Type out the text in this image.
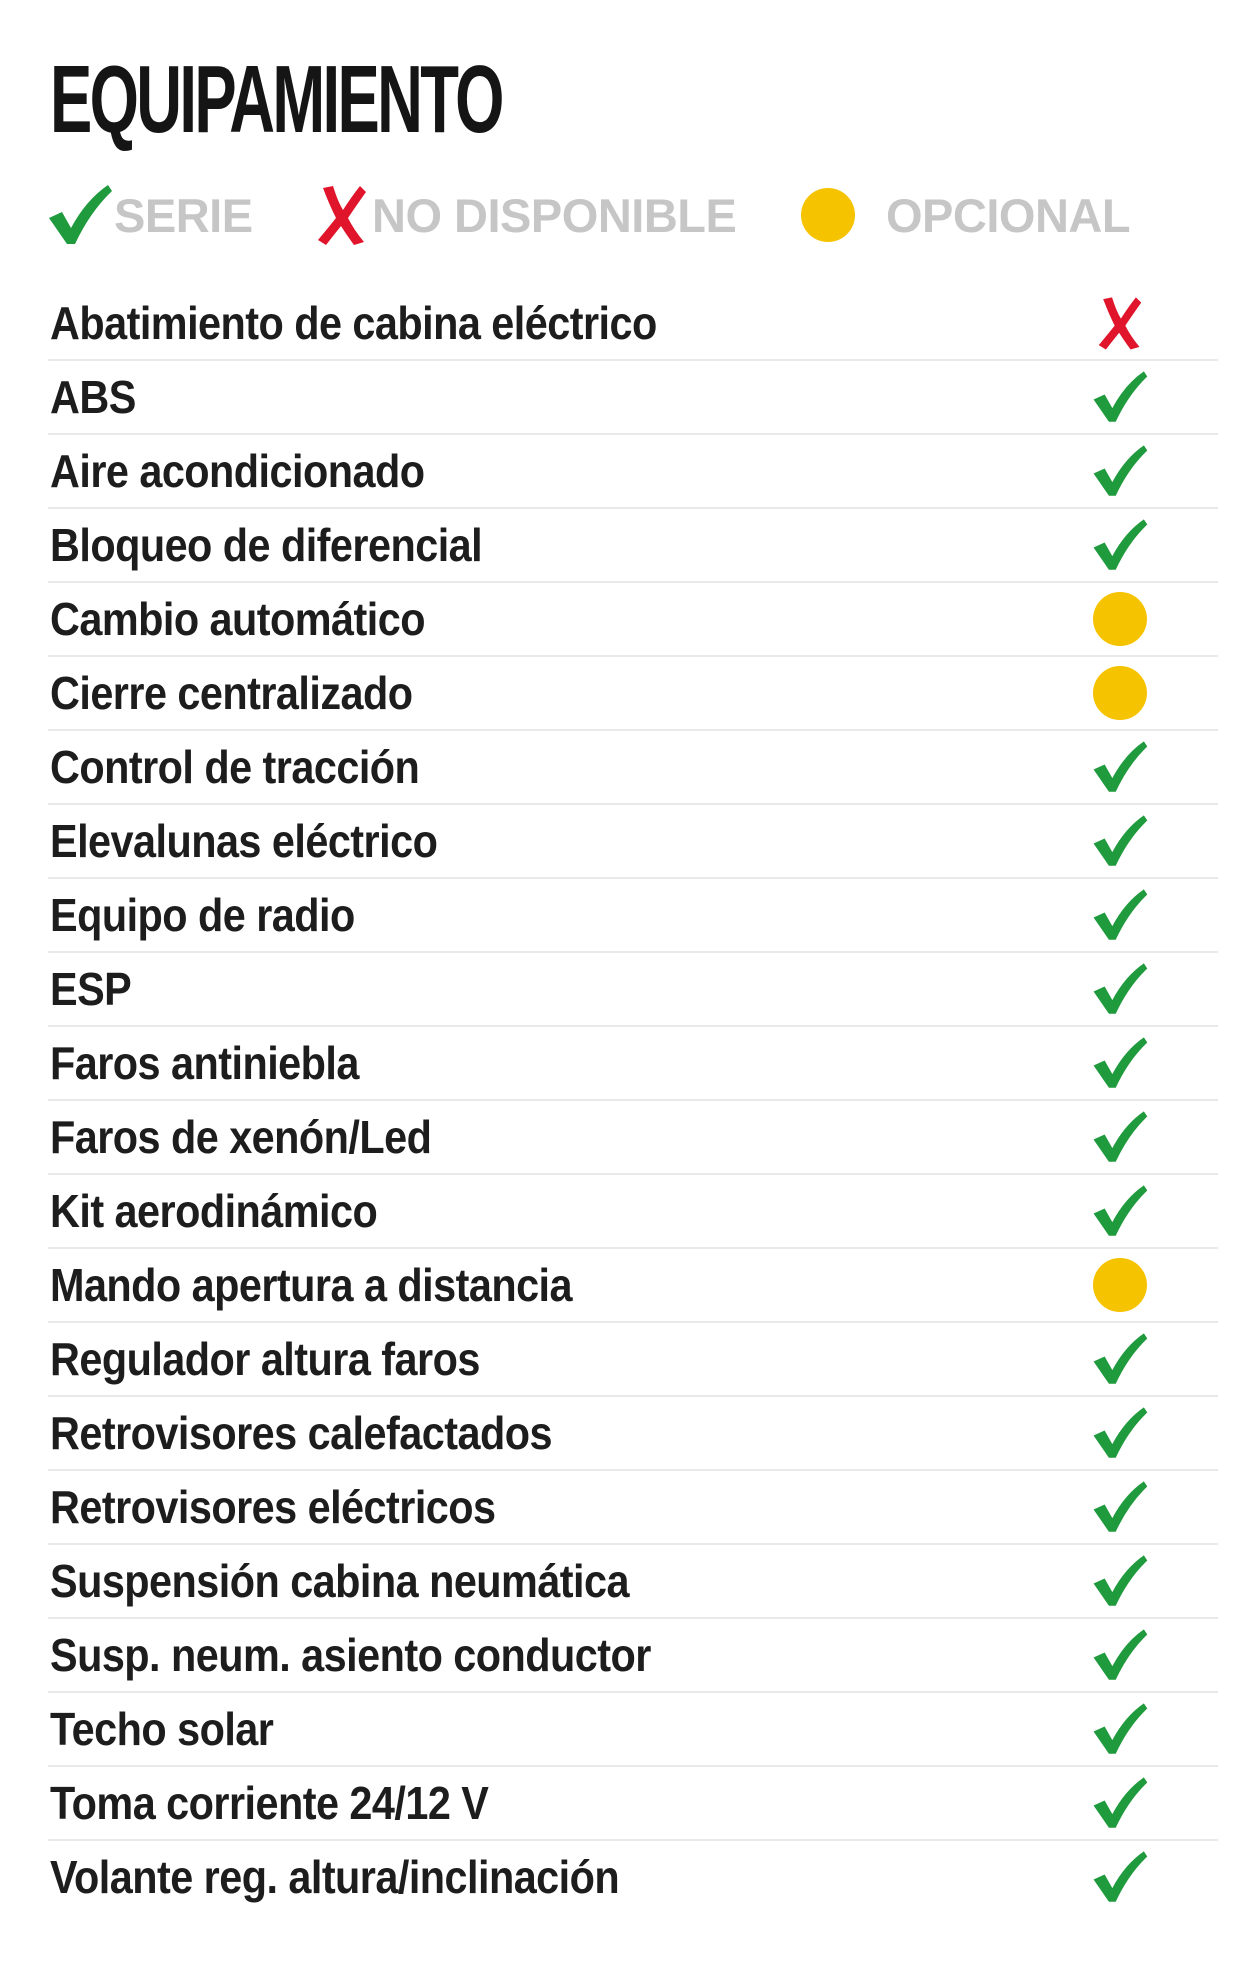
EQUIPAMIENTO
SERIE	NO DISPONIBLE	OPCIONAL
Abatimiento de cabina eléctrico
ABS
Aire acondicionado
Bloqueo de diferencial
Cambio automático
Cierre centralizado
Control de tracción
Elevalunas eléctrico
Equipo de radio
ESP
Faros antiniebla
Faros de xenón/Led
Kit aerodinámico
Mando apertura a distancia
Regulador altura faros
Retrovisores calefactados
Retrovisores eléctricos
Suspensión cabina neumática
Susp. neum. asiento conductor
Techo solar
Toma corriente 24/12 V
Volante reg. altura/inclinación
